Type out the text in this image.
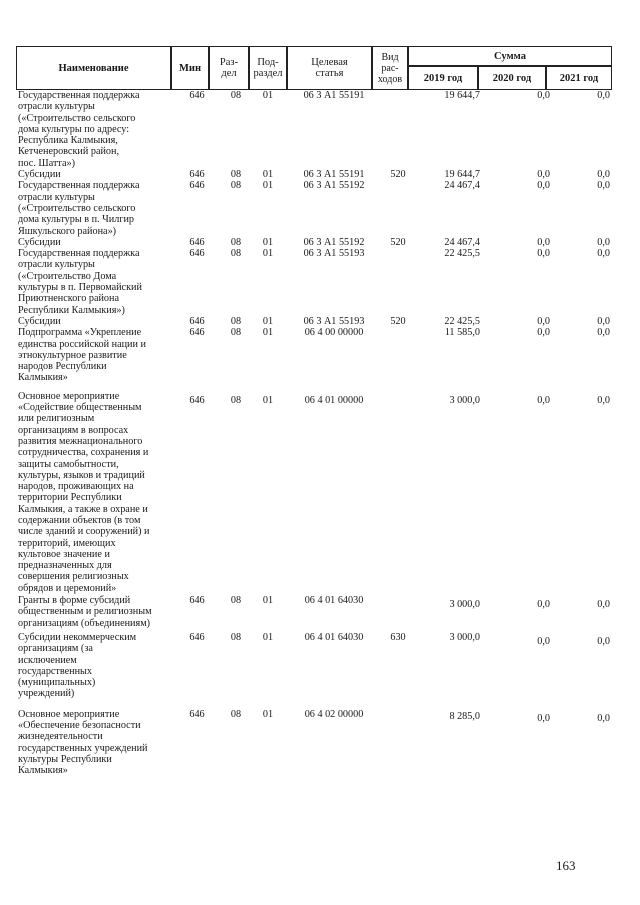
Наименование	Мин	Раз-
дел
Под-
раздел
Целевая
статья
Вид
рас-
ходов
Сумма
2019 год	2020 год	2021 год
Государственная поддержка
отрасли культуры
(«Строительство сельского
дома культуры по адресу:
Республика Калмыкия,
Кетченеровский район,
пос. Шатта»)
646	08	01	06 3 А1 55191	19 644,7	0,0	0,0
Субсидии	646	08	01	06 3 А1 55191	520	19 644,7	0,0	0,0
Государственная поддержка
отрасли культуры
(«Строительство сельского
дома культуры в п. Чилгир
Яшкульского района»)
646	08	01	06 3 А1 55192	24 467,4	0,0	0,0
Субсидии	646	08	01	06 3 А1 55192	520	24 467,4	0,0	0,0
Государственная поддержка
отрасли культуры
(«Строительство Дома
культуры в п. Первомайский
Приютненского района
Республики Калмыкия»)
646	08	01	06 3 А1 55193	22 425,5	0,0	0,0
Субсидии	646	08	01	06 3 А1 55193	520	22 425,5	0,0	0,0
Подпрограмма «Укрепление
единства российской нации и
этнокультурное развитие
народов Республики
Калмыкия»
646	08	01	06 4 00 00000	11 585,0	0,0	0,0
Основное мероприятие
«Содействие общественным
или религиозным
организациям в вопросах
развития межнационального
сотрудничества, сохранения и
защиты самобытности,
культуры, языков и традиций
народов, проживающих на
территории Республики
Калмыкия, а также в охране и
содержании объектов (в том
числе зданий и сооружений) и
территорий, имеющих
культовое значение и
предназначенных для
совершения религиозных
обрядов и церемоний»
646	08	01	06 4 01 00000	3 000,0	0,0	0,0
Гранты в форме субсидий
общественным и религиозным
организациям (объединениям)
646	08	01	06 4 01 64030	3 000,0	0,0	0,0
Субсидии некоммерческим
организациям (за
исключением
государственных
(муниципальных)
учреждений)
646	08	01	06 4 01 64030	630	3 000,0	0,0	0,0
Основное мероприятие
«Обеспечение безопасности
жизнедеятельности
государственных учреждений
культуры Республики
Калмыкия»
646	08	01	06 4 02 00000	8 285,0	0,0	0,0
163
